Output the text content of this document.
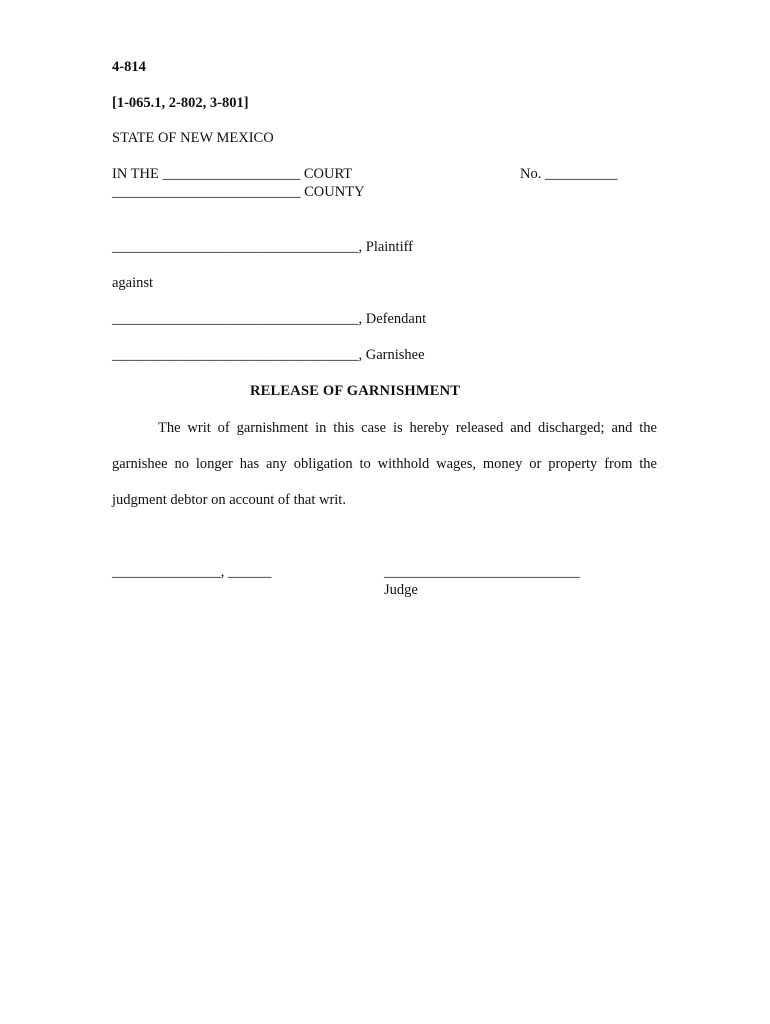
4-814
[1-065.1, 2-802, 3-801]
STATE OF NEW MEXICO
IN THE ___________________ COURT
__________________________ COUNTY
No. __________
__________________________________, Plaintiff
against
__________________________________, Defendant
__________________________________, Garnishee
RELEASE OF GARNISHMENT
The writ of garnishment in this case is hereby released and discharged; and the
garnishee no longer has any obligation to withhold wages, money or property from the
judgment debtor on account of that writ.
_______________, ______	___________________________
Judge
